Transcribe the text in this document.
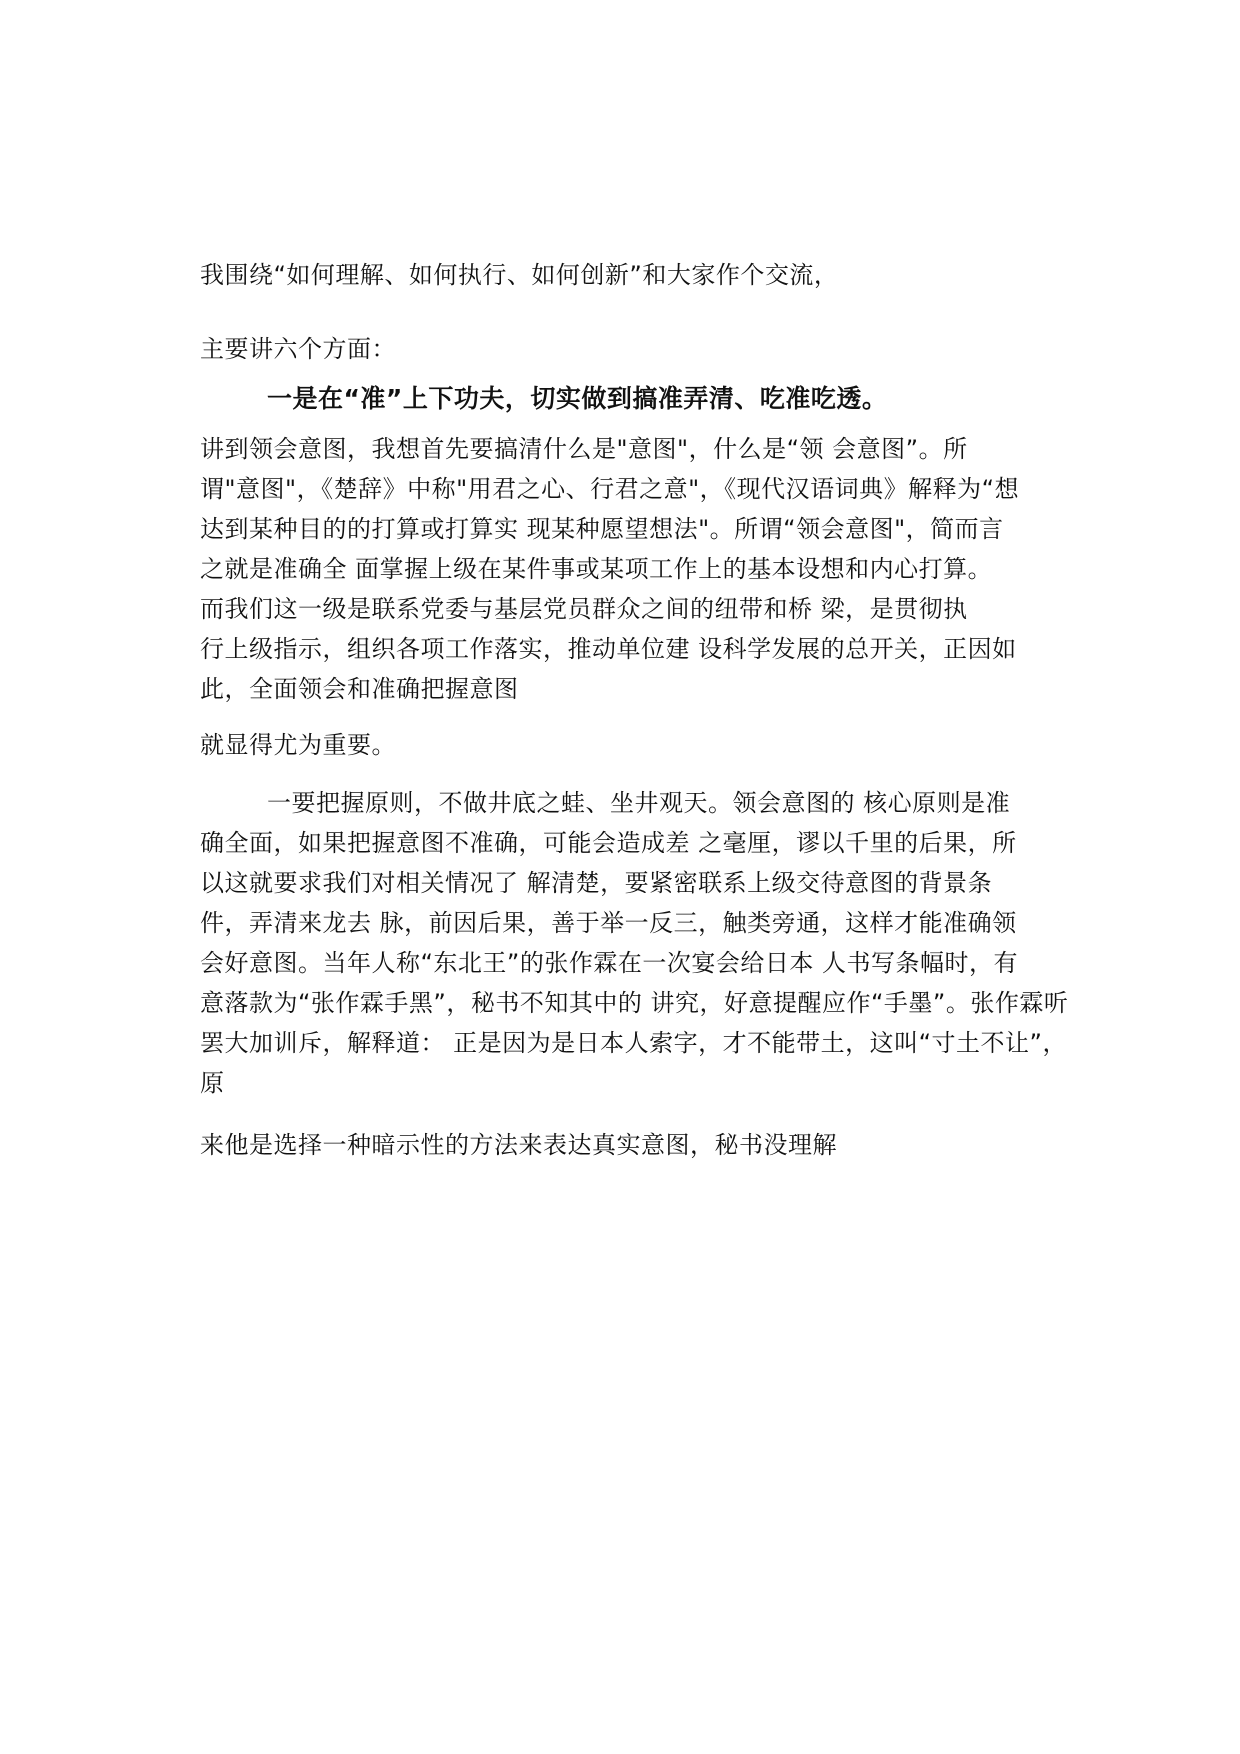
我围绕“如何理解、如何执行、如何创新”和大家作个交流，
主要讲六个方面：
一是在“准”上下功夫，切实做到搞准弄清、吃准吃透。
讲到领会意图，我想首先要搞清什么是"意图"，什么是“领 会意图”。所
谓"意图"，《楚辞》中称"用君之心、行君之意"，《现代汉语词典》解释为“想
达到某种目的的打算或打算实 现某种愿望想法"。所谓“领会意图"，简而言
之就是准确全 面掌握上级在某件事或某项工作上的基本设想和内心打算。
而我们这一级是联系党委与基层党员群众之间的纽带和桥 梁，是贯彻执
行上级指示，组织各项工作落实，推动单位建 设科学发展的总开关，正因如
此，全面领会和准确把握意图
就显得尤为重要。
一要把握原则，不做井底之蛙、坐井观天。领会意图的 核心原则是准
确全面，如果把握意图不准确，可能会造成差 之毫厘，谬以千里的后果，所
以这就要求我们对相关情况了 解清楚，要紧密联系上级交待意图的背景条
件，弄清来龙去 脉，前因后果，善于举一反三，触类旁通，这样才能准确领
会好意图。当年人称“东北王”的张作霖在一次宴会给日本 人书写条幅时，有
意落款为“张作霖手黑”，秘书不知其中的 讲究，好意提醒应作“手墨”。张作霖听
罢大加训斥，解释道： 正是因为是日本人索字，才不能带土，这叫“寸土不让”，
原
来他是选择一种暗示性的方法来表达真实意图，秘书没理解
